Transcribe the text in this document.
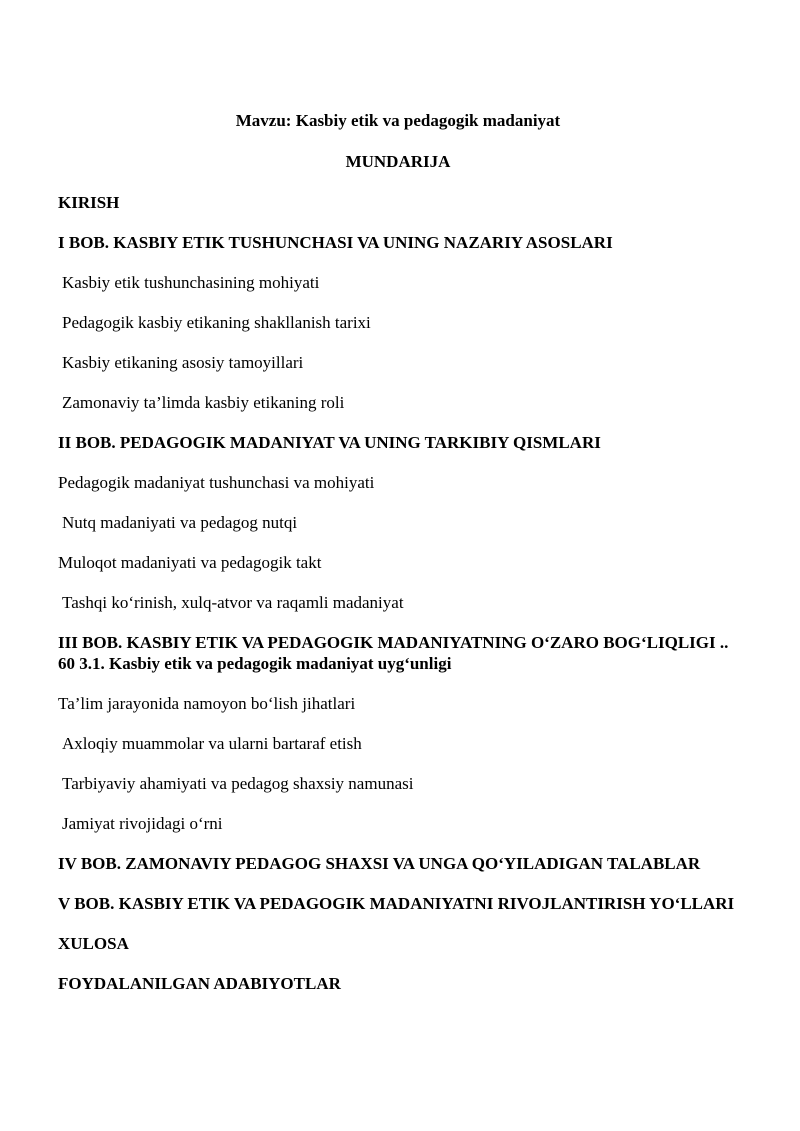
Mavzu: Kasbiy etik va pedagogik madaniyat
MUNDARIJA
KIRISH
I BOB. KASBIY ETIK TUSHUNCHASI VA UNING NAZARIY ASOSLARI
Kasbiy etik tushunchasining mohiyati
Pedagogik kasbiy etikaning shakllanish tarixi
Kasbiy etikaning asosiy tamoyillari
Zamonaviy ta’limda kasbiy etikaning roli
II BOB. PEDAGOGIK MADANIYAT VA UNING TARKIBIY QISMLARI
Pedagogik madaniyat tushunchasi va mohiyati
Nutq madaniyati va pedagog nutqi
Muloqot madaniyati va pedagogik takt
Tashqi ko‘rinish, xulq-atvor va raqamli madaniyat
III BOB. KASBIY ETIK VA PEDAGOGIK MADANIYATNING O‘ZARO BOG‘LIQLIGI .. 60 3.1. Kasbiy etik va pedagogik madaniyat uyg‘unligi
Ta’lim jarayonida namoyon bo‘lish jihatlari
Axloqiy muammolar va ularni bartaraf etish
Tarbiyaviy ahamiyati va pedagog shaxsiy namunasi
Jamiyat rivojidagi o‘rni
IV BOB. ZAMONAVIY PEDAGOG SHAXSI VA UNGA QO‘YILADIGAN TALABLAR
V BOB. KASBIY ETIK VA PEDAGOGIK MADANIYATNI RIVOJLANTIRISH YO‘LLARI
XULOSA
FOYDALANILGAN ADABIYOTLAR
